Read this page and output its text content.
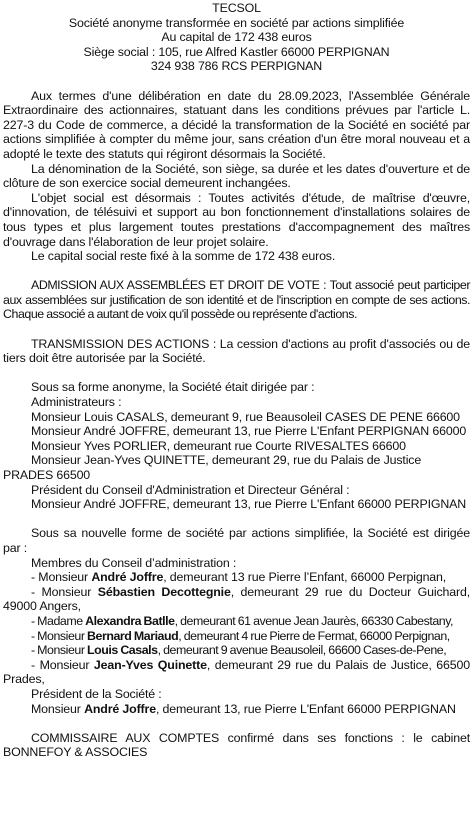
TECSOL
Société anonyme transformée en société par actions simplifiée
Au capital de 172 438 euros
Siège social : 105, rue Alfred Kastler 66000 PERPIGNAN
324 938 786 RCS PERPIGNAN

Aux termes d'une délibération en date du 28.09.2023, l'Assemblée Générale Extraordinaire des actionnaires, statuant dans les conditions prévues par l'article L. 227-3 du Code de commerce, a décidé la transformation de la Société en société par actions simplifiée à compter du même jour, sans création d'un être moral nouveau et a adopté le texte des statuts qui régiront désormais la Société.

La dénomination de la Société, son siège, sa durée et les dates d'ouverture et de clôture de son exercice social demeurent inchangées.

L'objet social est désormais : Toutes activités d'étude, de maîtrise d'œuvre, d'innovation, de télésuivi et support au bon fonctionnement d'installations solaires de tous types et plus largement toutes prestations d'accompagnement des maîtres d'ouvrage dans l'élaboration de leur projet solaire.

Le capital social reste fixé à la somme de 172 438 euros.

ADMISSION AUX ASSEMBLÉES ET DROIT DE VOTE : Tout associé peut participer aux assemblées sur justification de son identité et de l'inscription en compte de ses actions. Chaque associé a autant de voix qu'il possède ou représente d'actions.

TRANSMISSION DES ACTIONS : La cession d'actions au profit d'associés ou de tiers doit être autorisée par la Société.

Sous sa forme anonyme, la Société était dirigée par :

Administrateurs :

Monsieur Louis CASALS, demeurant 9, rue Beausoleil CASES DE PENE 66600

Monsieur André JOFFRE, demeurant 13, rue Pierre L'Enfant PERPIGNAN 66000

Monsieur Yves PORLIER, demeurant rue Courte RIVESALTES 66600

Monsieur Jean-Yves QUINETTE, demeurant 29, rue du Palais de Justice PRADES 66500

Président du Conseil d'Administration et Directeur Général :

Monsieur André JOFFRE, demeurant 13, rue Pierre L'Enfant 66000 PERPIGNAN

Sous sa nouvelle forme de société par actions simplifiée, la Société est dirigée par :

Membres du Conseil d’administration :

- Monsieur André Joffre, demeurant 13 rue Pierre l’Enfant, 66000 Perpignan,

- Monsieur Sébastien Decottegnie, demeurant 29 rue du Docteur Guichard, 49000 Angers,

- Madame Alexandra Batlle, demeurant 61 avenue Jean Jaurès, 66330 Cabestany,

- Monsieur Bernard Mariaud, demeurant 4 rue Pierre de Fermat, 66000 Perpignan,

- Monsieur Louis Casals, demeurant 9 avenue Beausoleil, 66600 Cases-de-Pene,

- Monsieur Jean-Yves Quinette, demeurant 29 rue du Palais de Justice, 66500 Prades,

Président de la Société :

Monsieur André Joffre, demeurant 13, rue Pierre L'Enfant 66000 PERPIGNAN

COMMISSAIRE AUX COMPTES confirmé dans ses fonctions : le cabinet BONNEFOY & ASSOCIES
